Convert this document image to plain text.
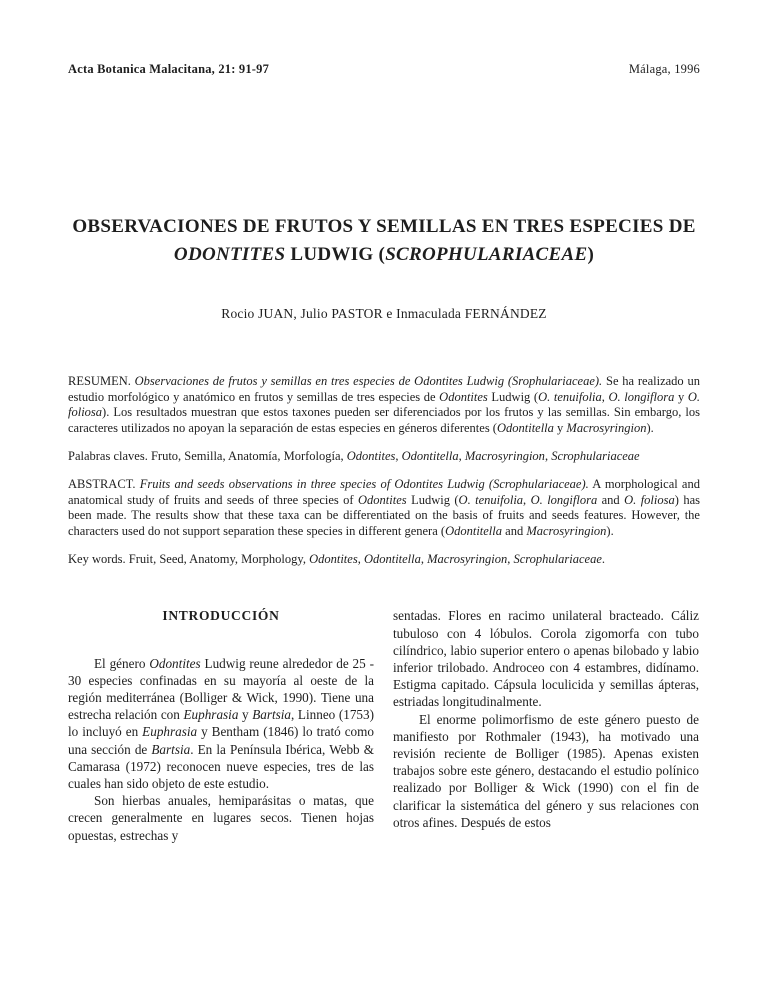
Acta Botanica Malacitana, 21: 91-97	Málaga, 1996
OBSERVACIONES DE FRUTOS Y SEMILLAS EN TRES ESPECIES DE ODONTITES LUDWIG (SCROPHULARIACEAE)
Rocio JUAN, Julio PASTOR e Inmaculada FERNÁNDEZ

RESUMEN. Observaciones de frutos y semillas en tres especies de Odontites Ludwig (Srophulariaceae). Se ha realizado un estudio morfológico y anatómico en frutos y semillas de tres especies de Odontites Ludwig (O. tenuifolia, O. longiflora y O. foliosa). Los resultados muestran que estos taxones pueden ser diferenciados por los frutos y las semillas. Sin embargo, los caracteres utilizados no apoyan la separación de estas especies en géneros diferentes (Odontitella y Macrosyringion).

Palabras claves. Fruto, Semilla, Anatomía, Morfología, Odontites, Odontitella, Macrosyringion, Scrophulariaceae

ABSTRACT. Fruits and seeds observations in three species of Odontites Ludwig (Scrophulariaceae). A morphological and anatomical study of fruits and seeds of three species of Odontites Ludwig (O. tenuifolia, O. longiflora and O. foliosa) has been made. The results show that these taxa can be differentiated on the basis of fruits and seeds features. However, the characters used do not support separation these species in different genera (Odontitella and Macrosyringion).

Key words. Fruit, Seed, Anatomy, Morphology, Odontites, Odontitella, Macrosyringion, Scrophulariaceae.

INTRODUCCIÓN

El género Odontites Ludwig reune alrededor de 25 - 30 especies confinadas en su mayoría al oeste de la región mediterránea (Bolliger & Wick, 1990). Tiene una estrecha relación con Euphrasia y Bartsia, Linneo (1753) lo incluyó en Euphrasia y Bentham (1846) lo trató como una sección de Bartsia. En la Península Ibérica, Webb & Camarasa (1972) reconocen nueve especies, tres de las cuales han sido objeto de este estudio.

Son hierbas anuales, hemiparásitas o matas, que crecen generalmente en lugares secos. Tienen hojas opuestas, estrechas y

sentadas. Flores en racimo unilateral bracteado. Cáliz tubuloso con 4 lóbulos. Corola zigomorfa con tubo cilíndrico, labio superior entero o apenas bilobado y labio inferior trilobado. Androceo con 4 estambres, didínamo. Estigma capitado. Cápsula loculicida y semillas ápteras, estriadas longitudinalmente.

El enorme polimorfismo de este género puesto de manifiesto por Rothmaler (1943), ha motivado una revisión reciente de Bolliger (1985). Apenas existen trabajos sobre este género, destacando el estudio polínico realizado por Bolliger & Wick (1990) con el fin de clarificar la sistemática del género y sus relaciones con otros afines. Después de estos
